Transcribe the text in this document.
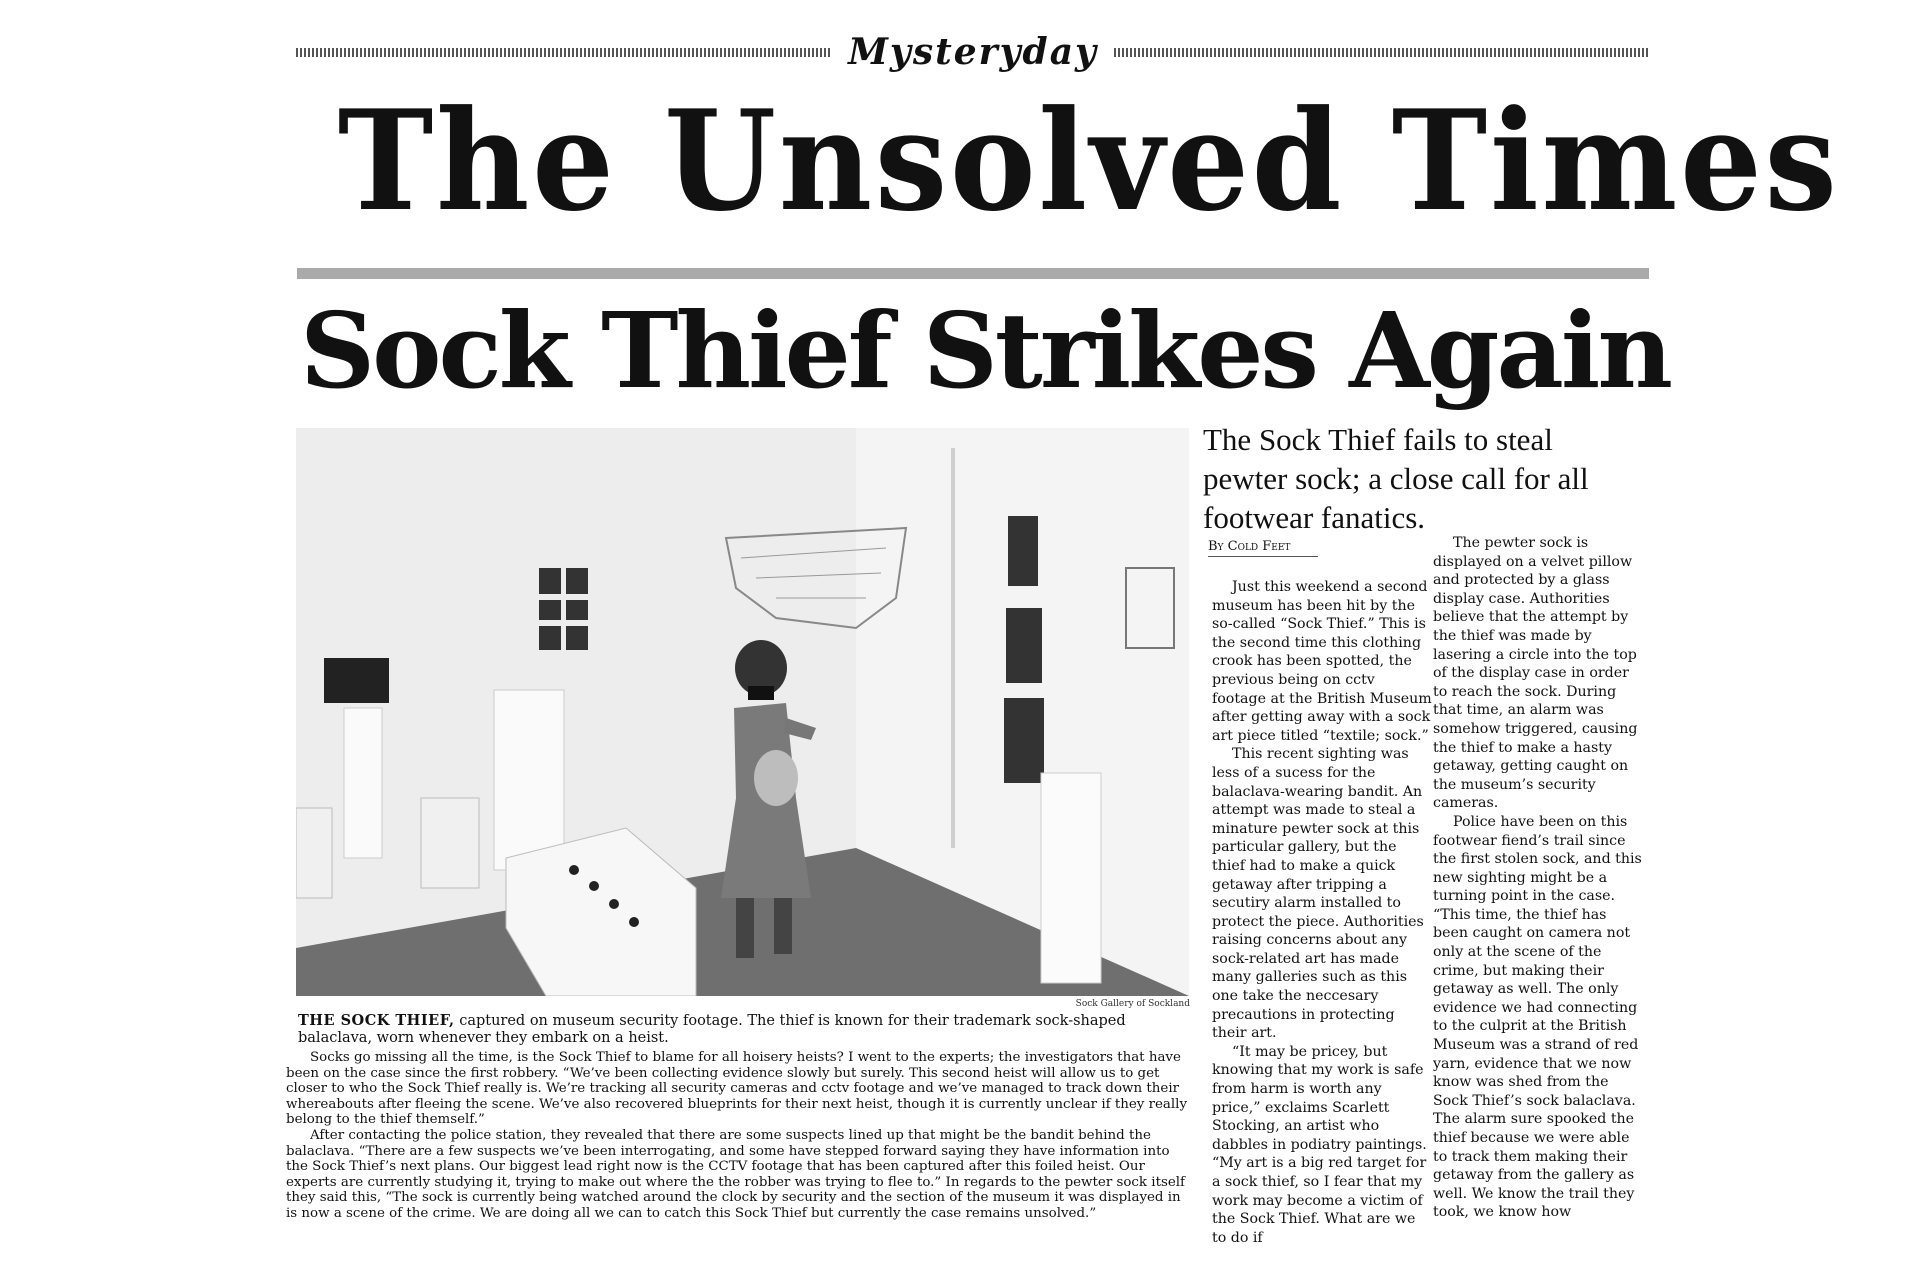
Mysteryday
The Unsolved Times
Sock Thief Strikes Again
Sock Gallery of Sockland
THE SOCK THIEF, captured on museum security footage. The thief is known for their trademark sock-shaped balaclava, worn whenever they embark on a heist.

Socks go missing all the time, is the Sock Thief to blame for all hoisery heists? I went to the experts; the investigators that have been on the case since the first robbery. “We’ve been collecting evidence slowly but surely. This second heist will allow us to get closer to who the Sock Thief really is. We’re tracking all security cameras and cctv footage and we’ve managed to track down their whereabouts after fleeing the scene. We’ve also recovered blueprints for their next heist, though it is currently unclear if they really belong to the thief themself.”

After contacting the police station, they revealed that there are some suspects lined up that might be the bandit behind the balaclava. “There are a few suspects we’ve been interrogating, and some have stepped forward saying they have information into the Sock Thief’s next plans. Our biggest lead right now is the CCTV footage that has been captured after this foiled heist. Our experts are currently studying it, trying to make out where the the robber was trying to flee to.” In regards to the pewter sock itself they said this, “The sock is currently being watched around the clock by security and the section of the museum it was displayed in is now a scene of the crime. We are doing all we can to catch this Sock Thief but currently the case remains unsolved.”

The Sock Thief fails to steal pewter sock; a close call for all footwear fanatics.
By Cold Feet

Just this weekend a second museum has been hit by the so-called “Sock Thief.” This is the second time this clothing crook has been spotted, the previous being on cctv footage at the British Museum after getting away with a sock art piece titled “textile; sock.”

This recent sighting was less of a sucess for the balaclava-wearing bandit. An attempt was made to steal a minature pewter sock at this particular gallery, but the thief had to make a quick getaway after tripping a secutiry alarm installed to protect the piece. Authorities raising concerns about any sock-related art has made many galleries such as this one take the neccesary precautions in protecting their art.

“It may be pricey, but knowing that my work is safe from harm is worth any price,” exclaims Scarlett Stocking, an artist who dabbles in podiatry paintings. “My art is a big red target for a sock thief, so I fear that my work may become a victim of the Sock Thief. What are we to do if

The pewter sock is displayed on a velvet pillow and protected by a glass display case. Authorities believe that the attempt by the thief was made by lasering a circle into the top of the display case in order to reach the sock. During that time, an alarm was somehow triggered, causing the thief to make a hasty getaway, getting caught on the museum’s security cameras.

Police have been on this footwear fiend’s trail since the first stolen sock, and this new sighting might be a turning point in the case. “This time, the thief has been caught on camera not only at the scene of the crime, but making their getaway as well. The only evidence we had connecting to the culprit at the British Museum was a strand of red yarn, evidence that we now know was shed from the Sock Thief’s sock balaclava. The alarm sure spooked the thief because we were able to track them making their getaway from the gallery as well. We know the trail they took, we know how
